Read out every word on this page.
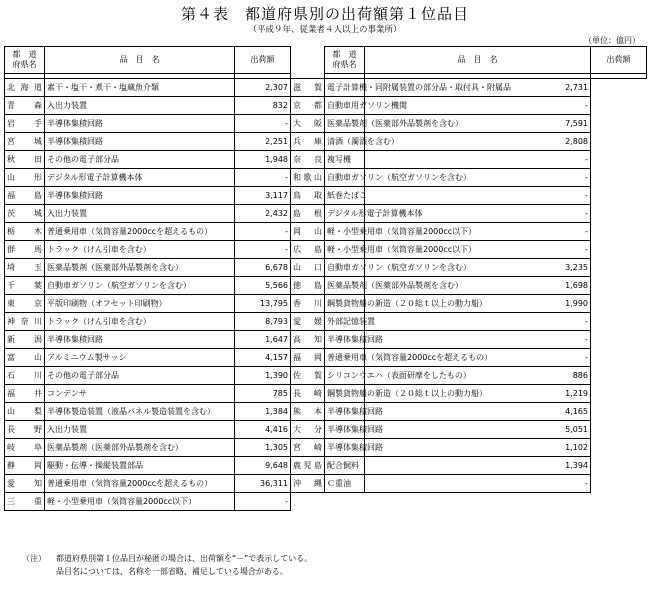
第４表　都道府県別の出荷額第１位品目
（平成９年、従業者４人以上の事業所）
（単位：億円）
都　道
府県名	品　目　名	出荷額		都　道
府県名	品　目　名	出荷額

北海道	素干・塩干・煮干・塩蔵魚介類	2,307	滋賀	電子計算機・同附属装置の部分品・取付具・附属品	2,731	
青森	入出力装置	832	京都	自動車用ガソリン機関	-	
岩手	半導体集積回路	-	大阪	医薬品製剤（医薬部外品製剤を含む）	7,591	
宮城	半導体集積回路	2,251	兵庫	清酒（濁酒を含む）	2,808	
秋田	その他の電子部分品	1,948	奈良	複写機	-	
山形	デジタル形電子計算機本体	-	和歌山	自動車ガソリン（航空ガソリンを含む）	-	
福島	半導体集積回路	3,117	鳥取	紙巻たばこ	-	
茨城	入出力装置	2,432	島根	デジタル形電子計算機本体	-	
栃木	普通乗用車（気筒容量2000ccを超えるもの）	-	岡山	軽・小型乗用車（気筒容量2000cc以下）	-	
群馬	トラック（けん引車を含む）	-	広島	軽・小型乗用車（気筒容量2000cc以下）	-	
埼玉	医薬品製剤（医薬部外品製剤を含む）	6,678	山口	自動車ガソリン（航空ガソリンを含む）	3,235	
千葉	自動車ガソリン（航空ガソリンを含む）	5,566	徳島	医薬品製剤（医薬部外品製剤を含む）	1,698	
東京	平版印刷物（オフセット印刷物）	13,795	香川	鋼製貨物船の新造（２０総ｔ以上の動力船）	1,990	
神奈川	トラック（けん引車を含む）	8,793	愛媛	外部記憶装置	-	
新潟	半導体集積回路	1,647	高知	半導体集積回路	-	
富山	アルミニウム製サッシ	4,157	福岡	普通乗用車（気筒容量2000ccを超えるもの）	-	
石川	その他の電子部分品	1,390	佐賀	シリコンウエハ（表面研摩をしたもの）	886	
福井	コンデンサ	785	長崎	鋼製貨物船の新造（２０総ｔ以上の動力船）	1,219	
山梨	半導体製造装置（液晶パネル製造装置を含む）	1,384	熊本	半導体集積回路	4,165	
長野	入出力装置	4,416	大分	半導体集積回路	5,051	
岐阜	医薬品製剤（医薬部外品製剤を含む）	1,305	宮崎	半導体集積回路	1,102	
静岡	駆動・伝導・操縦装置部品	9,648	鹿児島	配合飼料	1,394	
愛知	普通乗用車（気筒容量2000ccを超えるもの）	36,311	沖縄	Ｃ重油	-	
三重	軽・小型乗用車（気筒容量2000cc以下）	-				
（注） 都道府県別第１位品目が秘匿の場合は、出荷額を“－”で表示している。
品目名については、名称を一部省略、補足している場合がある。
